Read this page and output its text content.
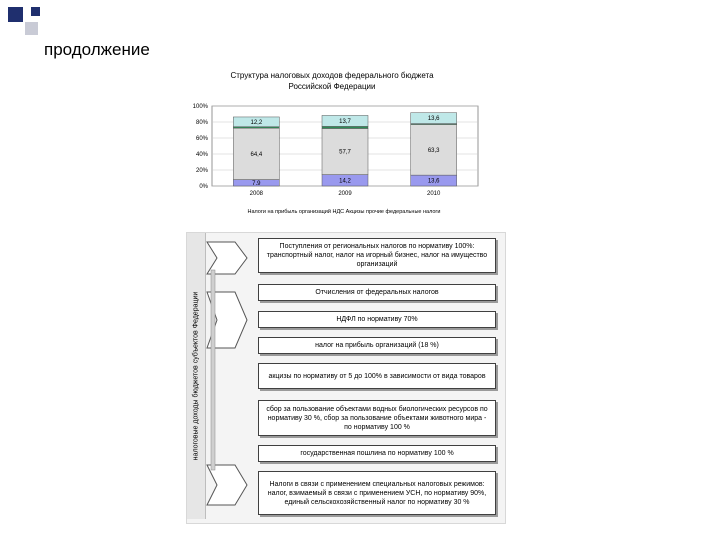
продолжение
Структура налоговых доходов федерального бюджета
Российской Федерации
0%
20%
40%
60%
80%
100%
7.9
64,4
12,2
2008
14,2
57,7
13,7
2009
13,6
63,3
13,6
2010
Налоги на прибыль организаций НДС Акцизы прочие федеральные налоги
налоговые доходы бюджетов субъектов Федерации
Поступления от региональных налогов по нормативу 100%: транспортный налог, налог на игорный бизнес, налог на имущество организаций
Отчисления от федеральных налогов
НДФЛ по нормативу 70%
налог на прибыль организаций (18 %)
акцизы по нормативу от 5 до 100% в зависимости от вида товаров
сбор за пользование объектами водных биологических ресурсов по нормативу 30 %, сбор за пользование объектами животного мира - по нормативу 100 %
государственная пошлина по нормативу 100 %
Налоги в связи с применением специальных налоговых режимов: налог, взимаемый в связи с применением УСН, по нормативу 90%, единый сельскохозяйственный налог по нормативу 30 %
